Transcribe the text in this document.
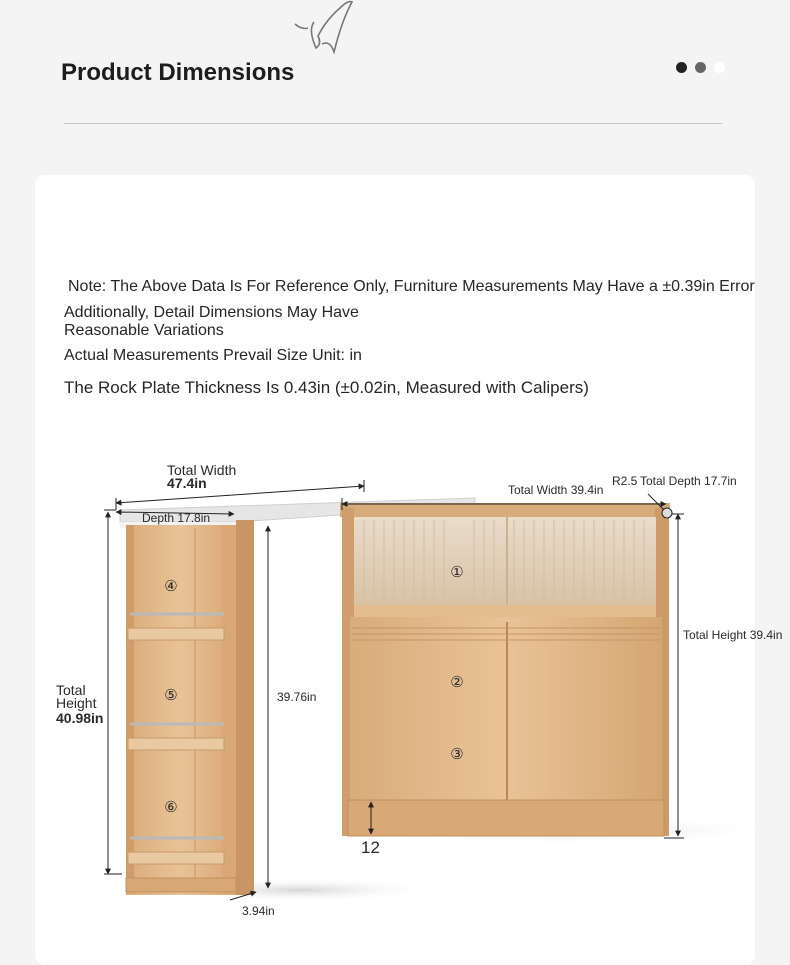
Product Dimensions
Note: The Above Data Is For Reference Only, Furniture Measurements May Have a ±0.39in Error
Additionally, Detail Dimensions May Have
Reasonable Variations
Actual Measurements Prevail Size Unit: in
The Rock Plate Thickness Is 0.43in (±0.02in, Measured with Calipers)
Total Width
47.4in
Depth 17.8in
Total
Height
40.98in
39.76in
3.94in
Total Width 39.4in
R2.5 Total Depth 17.7in
Total Height 39.4in
12
①
②
③
④
⑤
⑥
